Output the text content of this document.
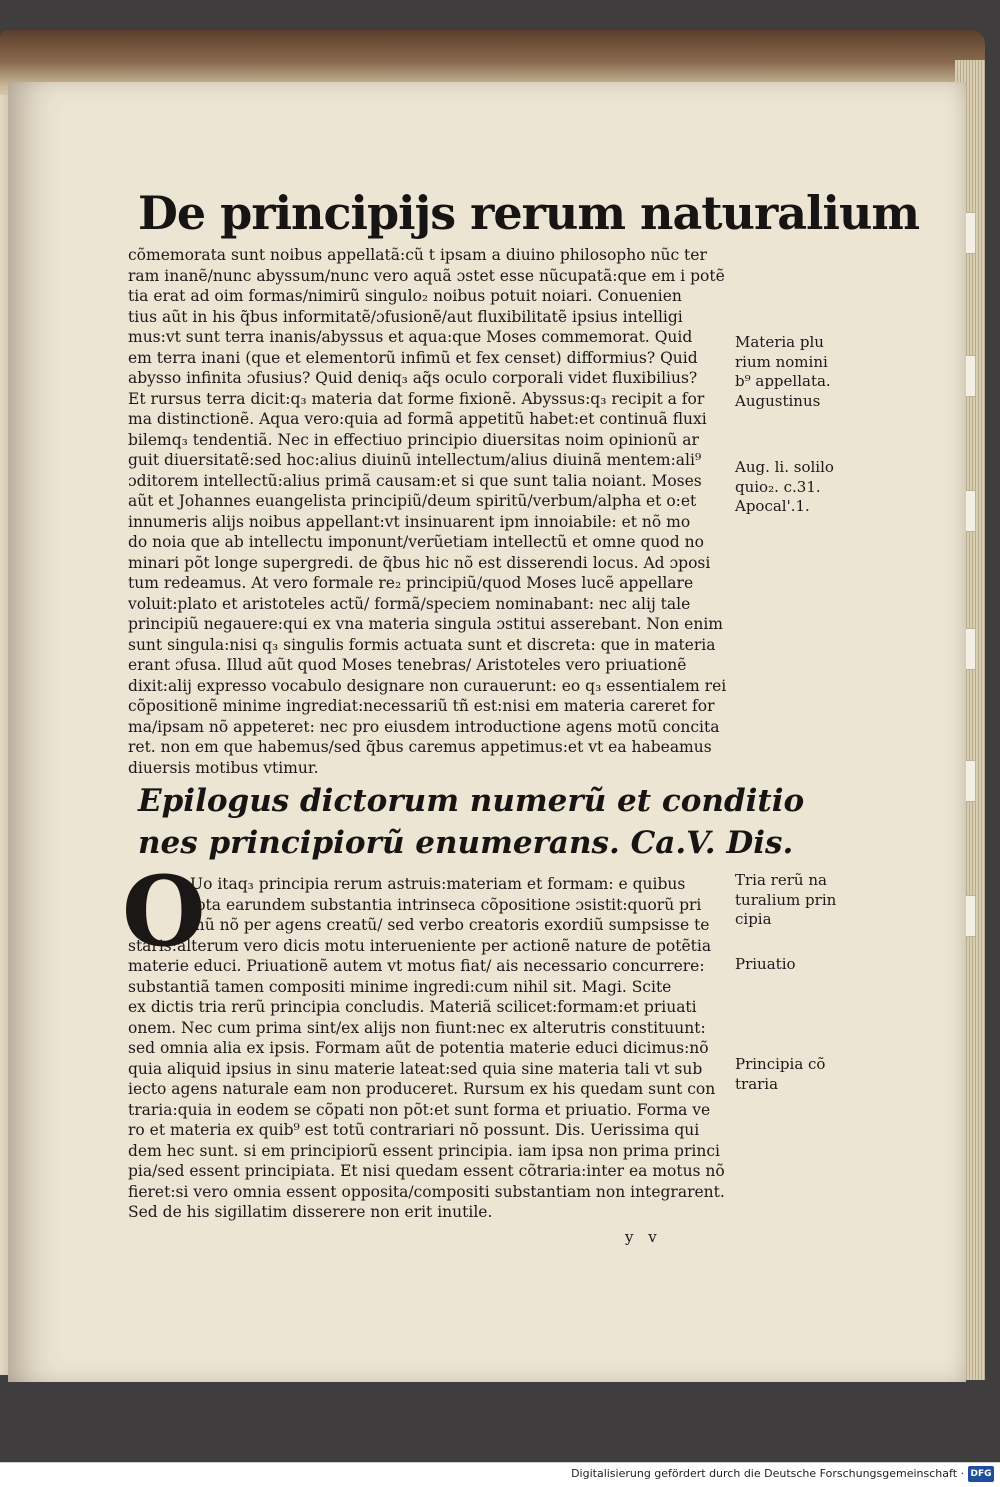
De principijs rerum naturalium
cõmemorata sunt noibus appellatã:cũ t ipsam a diuino philosopho nũc ter
ram inanẽ/nunc abyssum/nunc vero aquã ɔstet esse nũcupatã:que em i potẽ
tia erat ad oim formas/nimirũ singulo₂ noibus potuit noiari. Conuenien
tius aũt in his q̃bus informitatẽ/ɔfusionẽ/aut fluxibilitatẽ ipsius intelligi
mus:vt sunt terra inanis/abyssus et aqua:que Moses commemorat. Quid
em terra inani (que et elementorũ infimũ et fex censet) difformius? Quid
abysso infinita ɔfusius? Quid deniq₃ aq̃s oculo corporali videt fluxibilius?
Et rursus terra dicit:q₃ materia dat forme fixionẽ. Abyssus:q₃ recipit a for
ma distinctionẽ. Aqua vero:quia ad formã appetitũ habet:et continuã fluxi
bilemq₃ tendentiã. Nec in effectiuo principio diuersitas noim opinionũ ar
guit diuersitatẽ:sed hoc:alius diuinũ intellectum/alius diuinã mentem:ali⁹
ɔditorem intellectũ:alius primã causam:et si que sunt talia noiant. Moses
aũt et Johannes euangelista principiũ/deum spiritũ/verbum/alpha et o:et
innumeris alijs noibus appellant:vt insinuarent ipm innoiabile: et nõ mo
do noia que ab intellectu imponunt/verũetiam intellectũ et omne quod no
minari põt longe supergredi. de q̃bus hic nõ est disserendi locus. Ad ɔposi
tum redeamus. At vero formale re₂ principiũ/quod Moses lucẽ appellare
voluit:plato et aristoteles actũ/ formã/speciem nominabant: nec alij tale
principiũ negauere:qui ex vna materia singula ɔstitui asserebant. Non enim
sunt singula:nisi q₃ singulis formis actuata sunt et discreta: que in materia
erant ɔfusa. Illud aũt quod Moses tenebras/ Aristoteles vero priuationẽ
dixit:alij expresso vocabulo designare non curauerunt: eo q₃ essentialem rei
cõpositionẽ minime ingrediat:necessariũ tñ est:nisi em materia careret for
ma/ipsam nõ appeteret: nec pro eiusdem introductione agens motũ concita
ret. non em que habemus/sed q̃bus caremus appetimus:et vt ea habeamus
diuersis motibus vtimur.
Epilogus dictorum numerũ et conditio
nes principiorũ enumerans. Ca.V. Dis.
O
Uo itaq₃ principia rerum astruis:materiam et formam: e quibus
tota earundem substantia intrinseca cõpositione ɔsistit:quorũ pri
mũ nõ per agens creatũ/ sed verbo creatoris exordiũ sumpsisse te
staris:alterum vero dicis motu interueniente per actionẽ nature de potẽtia
materie educi. Priuationẽ autem vt motus fiat/ ais necessario concurrere:
substantiã tamen compositi minime ingredi:cum nihil sit. Magi. Scite
ex dictis tria rerũ principia concludis. Materiã scilicet:formam:et priuati
onem. Nec cum prima sint/ex alijs non fiunt:nec ex alterutris constituunt:
sed omnia alia ex ipsis. Formam aũt de potentia materie educi dicimus:nõ
quia aliquid ipsius in sinu materie lateat:sed quia sine materia tali vt sub
iecto agens naturale eam non produceret. Rursum ex his quedam sunt con
traria:quia in eodem se cõpati non põt:et sunt forma et priuatio. Forma ve
ro et materia ex quib⁹ est totũ contrariari nõ possunt. Dis. Uerissima qui
dem hec sunt. si em principiorũ essent principia. iam ipsa non prima princi
pia/sed essent principiata. Et nisi quedam essent cõtraria:inter ea motus nõ
fieret:si vero omnia essent opposita/compositi substantiam non integrarent.
Sed de his sigillatim disserere non erit inutile.
Materia plu
rium nomini
b⁹ appellata.
Augustinus
Aug. li. solilo
quio₂. c.31.
Apocal'.1.
Tria rerũ na
turalium prin
cipia
Priuatio
Principia cõ
traria
y v
Digitalisierung gefördert durch die Deutsche Forschungsgemeinschaft · DFG
